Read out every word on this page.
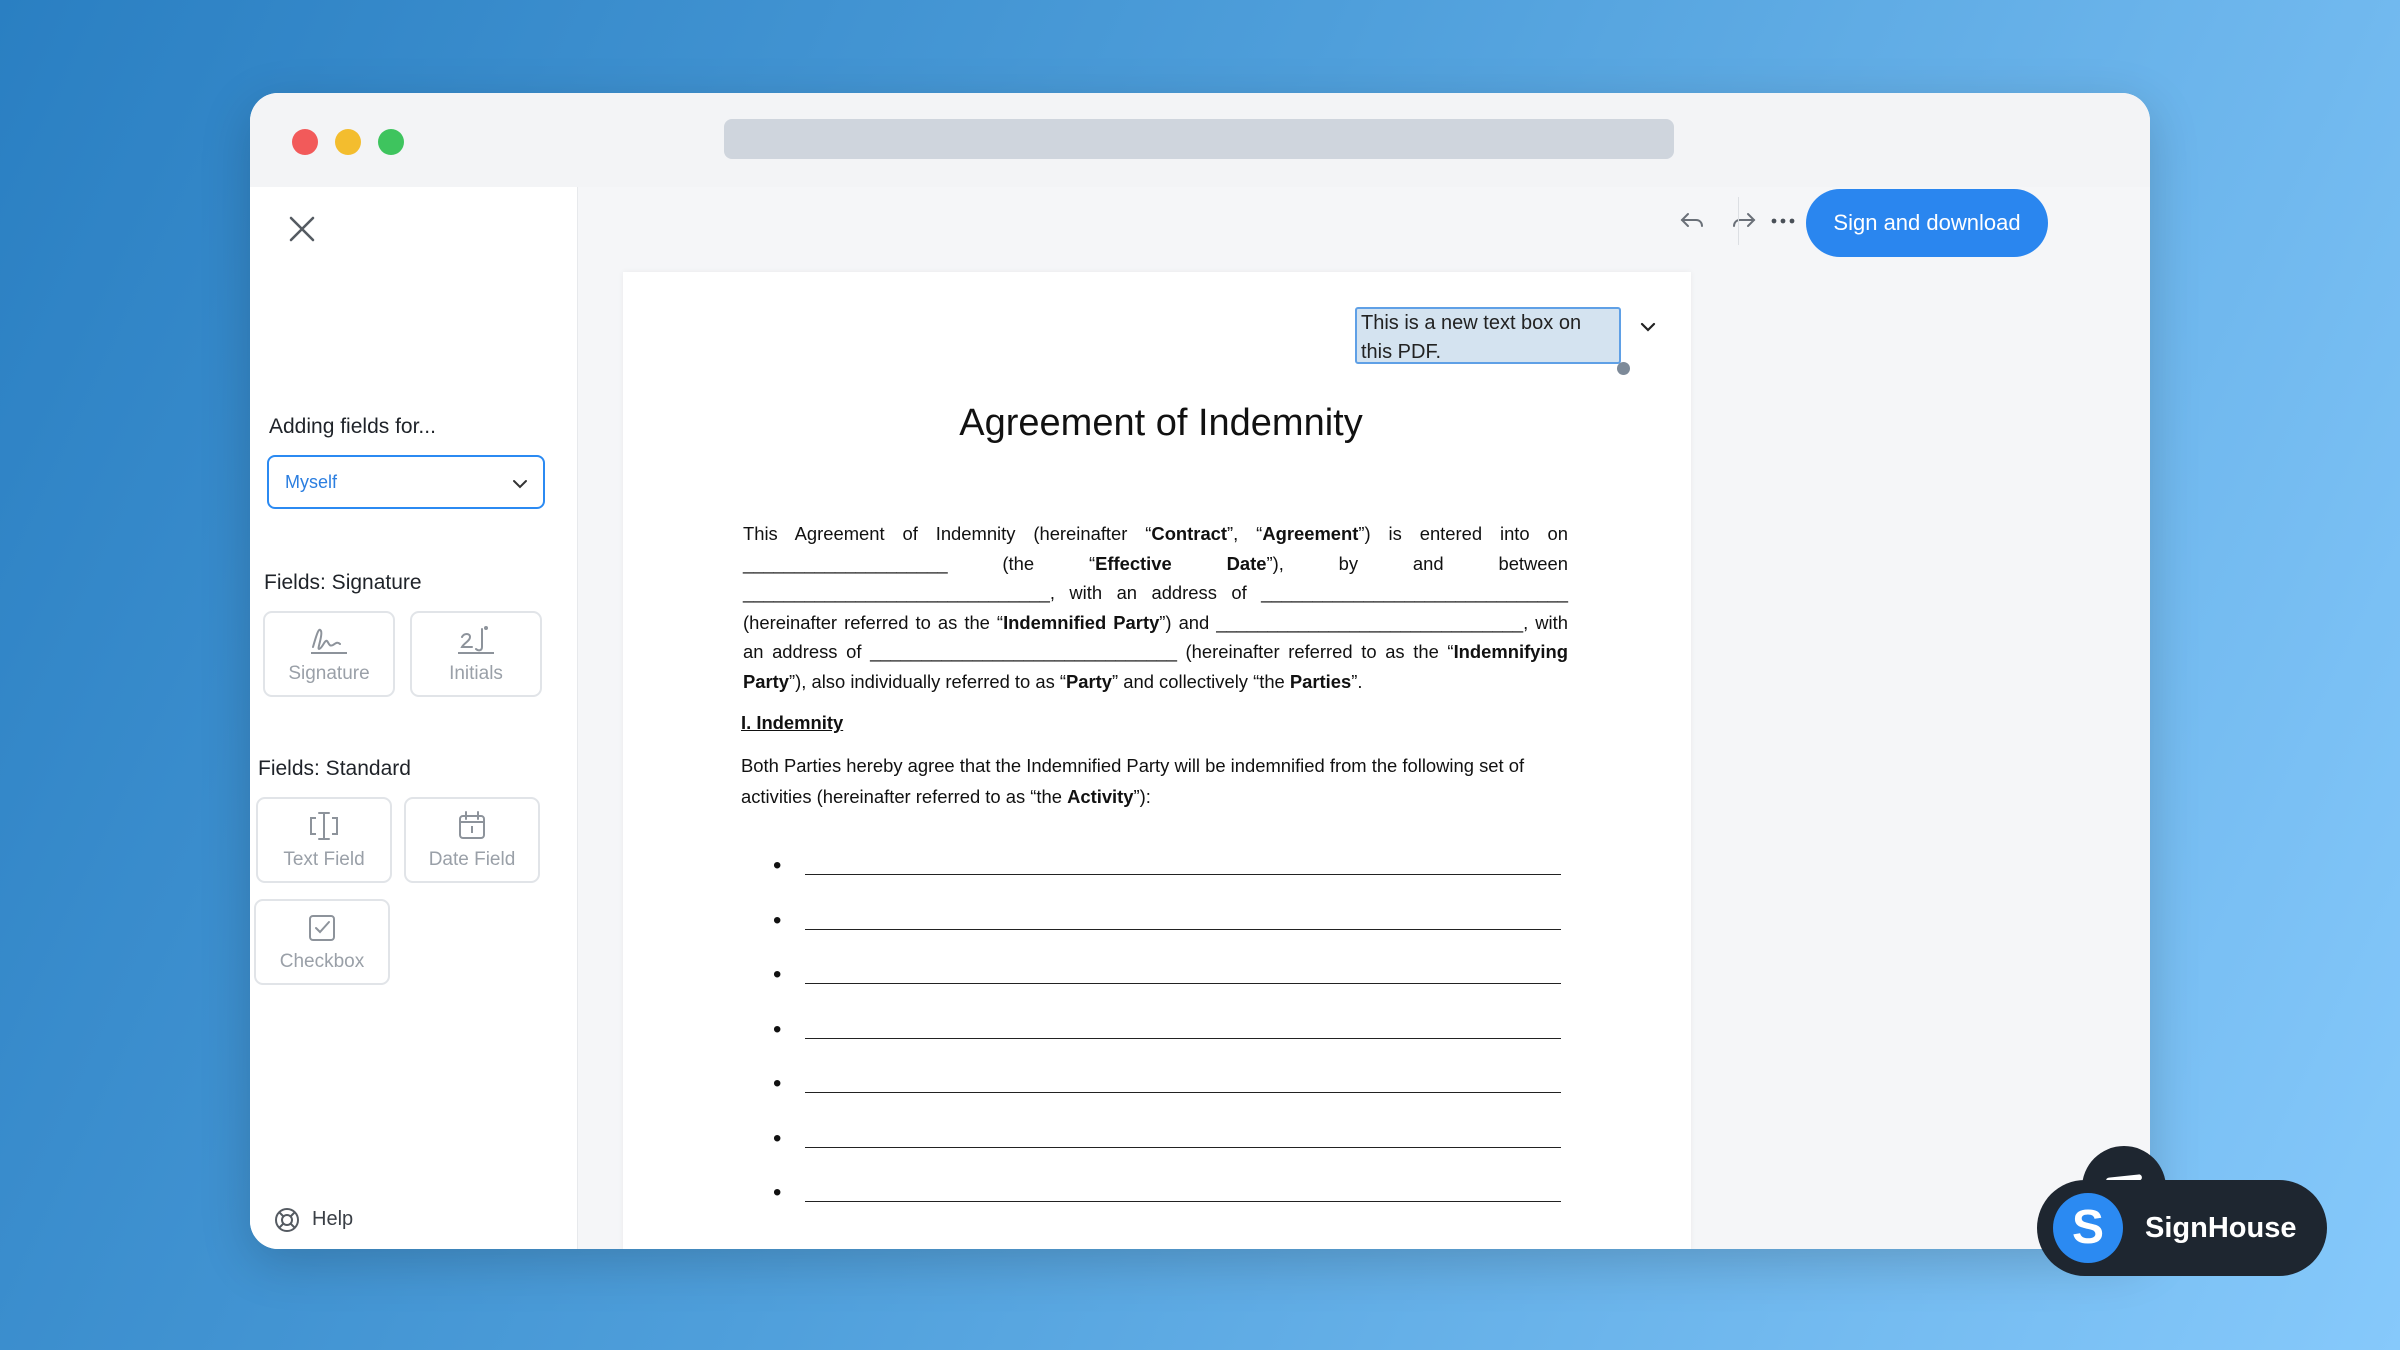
Adding fields for...
Myself
Fields: Signature
Signature	Initials
Fields: Standard
Text Field	Date Field
Checkbox
Help
Sign and download
This is a new text box on this PDF.
Agreement of Indemnity
This Agreement of Indemnity (hereinafter “Contract”, “Agreement”) is entered into on ____________________ (the “Effective Date”), by and between ______________________________, with an address of ______________________________ (hereinafter referred to as the “Indemnified Party”) and ______________________________, with an address of ______________________________ (hereinafter referred to as the “Indemnifying Party”), also individually referred to as “Party” and collectively “the Parties”.
I. Indemnity
Both Parties hereby agree that the Indemnified Party will be indemnified from the following set of activities (hereinafter referred to as “the Activity”):
•
•
•
•
•
•
•
S	SignHouse
